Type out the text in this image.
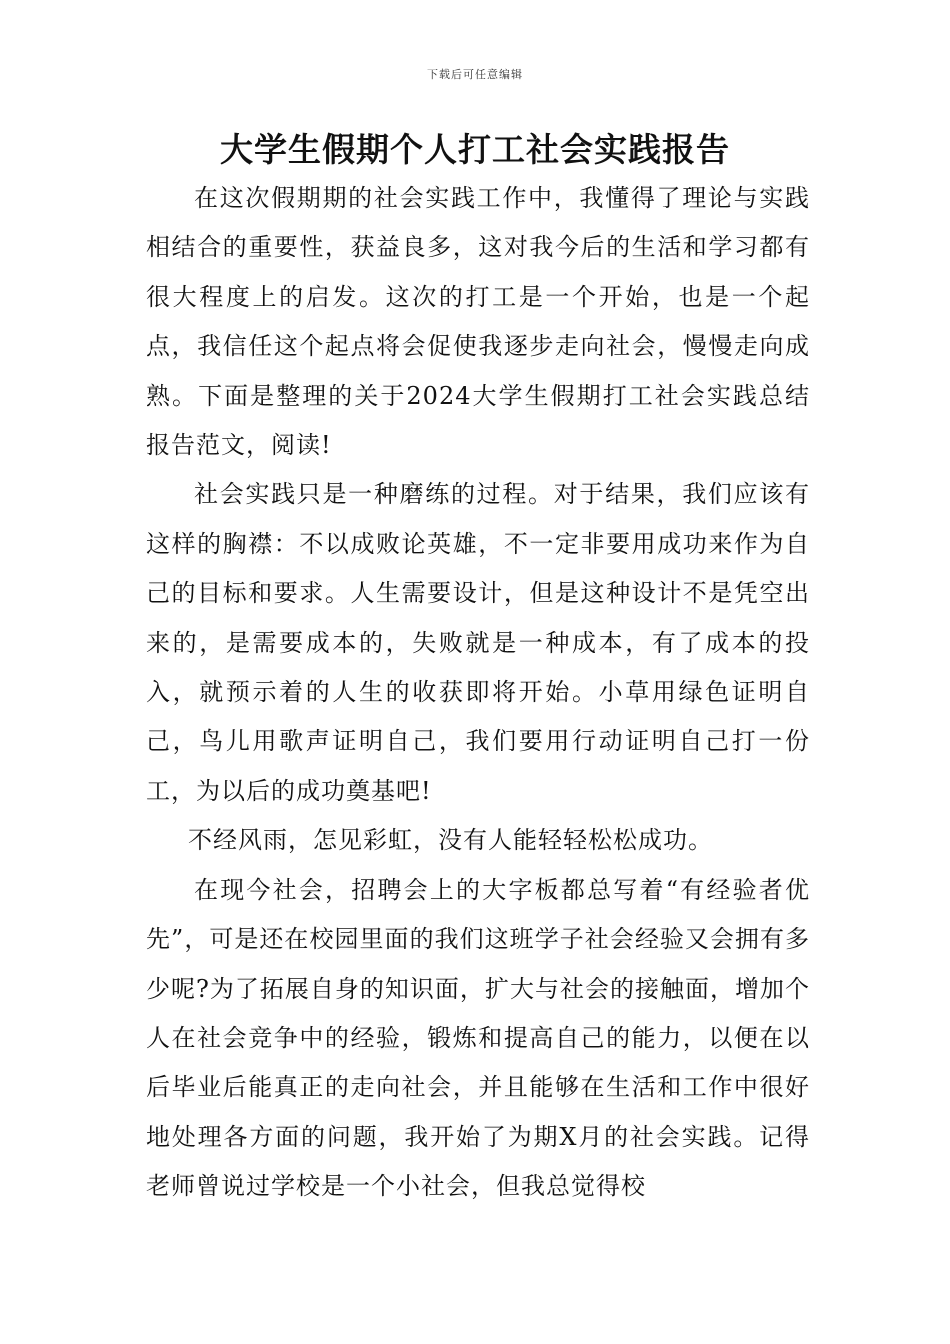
下载后可任意编辑
大学生假期个人打工社会实践报告

在这次假期期的社会实践工作中，我懂得了理论与实践相结合的重要性，获益良多，这对我今后的生活和学习都有很大程度上的启发。这次的打工是一个开始，也是一个起点，我信任这个起点将会促使我逐步走向社会，慢慢走向成熟。下面是整理的关于2024大学生假期打工社会实践总结报告范文，阅读!

社会实践只是一种磨练的过程。对于结果，我们应该有这样的胸襟：不以成败论英雄，不一定非要用成功来作为自己的目标和要求。人生需要设计，但是这种设计不是凭空出来的，是需要成本的，失败就是一种成本，有了成本的投入，就预示着的人生的收获即将开始。小草用绿色证明自己，鸟儿用歌声证明自己，我们要用行动证明自己打一份工，为以后的成功奠基吧!

不经风雨，怎见彩虹，没有人能轻轻松松成功。

在现今社会，招聘会上的大字板都总写着“有经验者优先”，可是还在校园里面的我们这班学子社会经验又会拥有多少呢?为了拓展自身的知识面，扩大与社会的接触面，增加个人在社会竞争中的经验，锻炼和提高自己的能力，以便在以后毕业后能真正的走向社会，并且能够在生活和工作中很好地处理各方面的问题，我开始了为期X月的社会实践。记得老师曾说过学校是一个小社会，但我总觉得校
